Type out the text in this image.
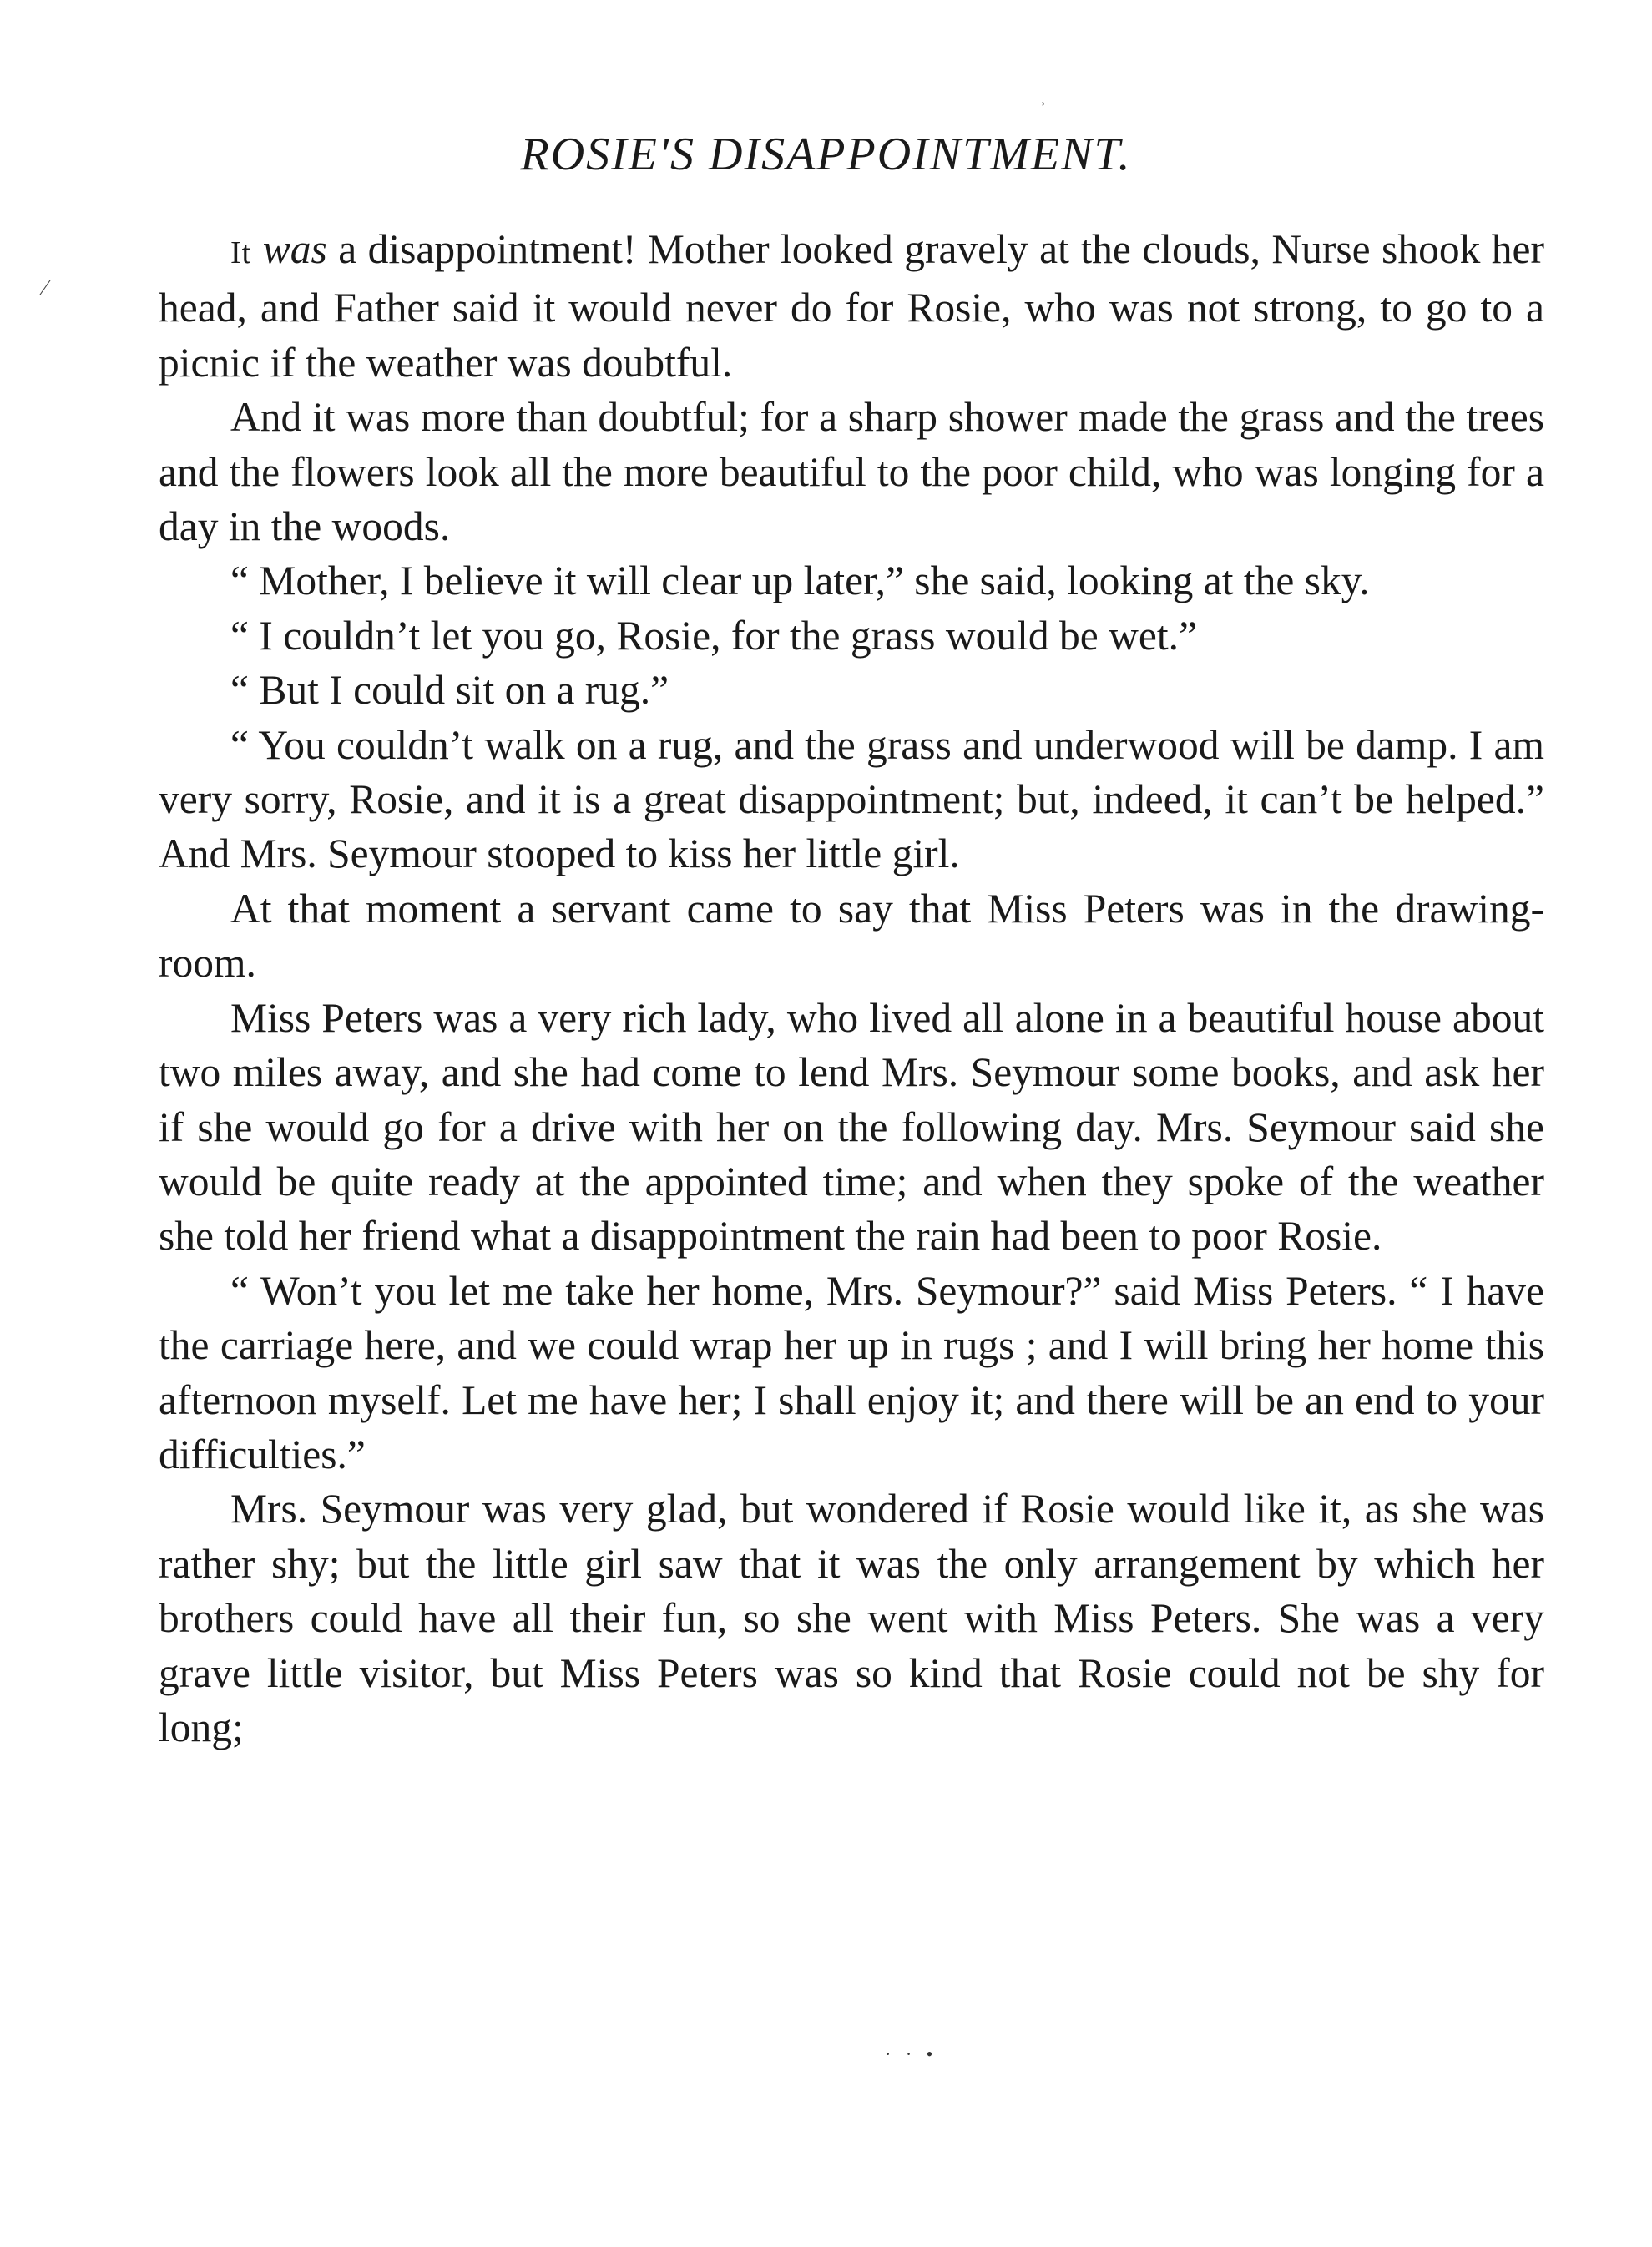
ROSIE'S DISAPPOINTMENT.

It was a disappointment! Mother looked gravely at the clouds, Nurse shook her head, and Father said it would never do for Rosie, who was not strong, to go to a picnic if the weather was doubtful.

And it was more than doubtful; for a sharp shower made the grass and the trees and the flowers look all the more beautiful to the poor child, who was longing for a day in the woods.

“ Mother, I believe it will clear up later,” she said, looking at the sky.

“ I couldn’t let you go, Rosie, for the grass would be wet.”

“ But I could sit on a rug.”

“ You couldn’t walk on a rug, and the grass and underwood will be damp. I am very sorry, Rosie, and it is a great disappointment; but, indeed, it can’t be helped.” And Mrs. Seymour stooped to kiss her little girl.

At that moment a servant came to say that Miss Peters was in the drawing-room.

Miss Peters was a very rich lady, who lived all alone in a beautiful house about two miles away, and she had come to lend Mrs. Seymour some books, and ask her if she would go for a drive with her on the following day. Mrs. Seymour said she would be quite ready at the appointed time; and when they spoke of the weather she told her friend what a disappointment the rain had been to poor Rosie.

“ Won’t you let me take her home, Mrs. Seymour?” said Miss Peters. “ I have the carriage here, and we could wrap her up in rugs ; and I will bring her home this afternoon myself. Let me have her; I shall enjoy it; and there will be an end to your difficulties.”

Mrs. Seymour was very glad, but wondered if Rosie would like it, as she was rather shy; but the little girl saw that it was the only arrangement by which her brothers could have all their fun, so she went with Miss Peters. She was a very grave little visitor, but Miss Peters was so kind that Rosie could not be shy for long;

· · •
⁄
ʾ
